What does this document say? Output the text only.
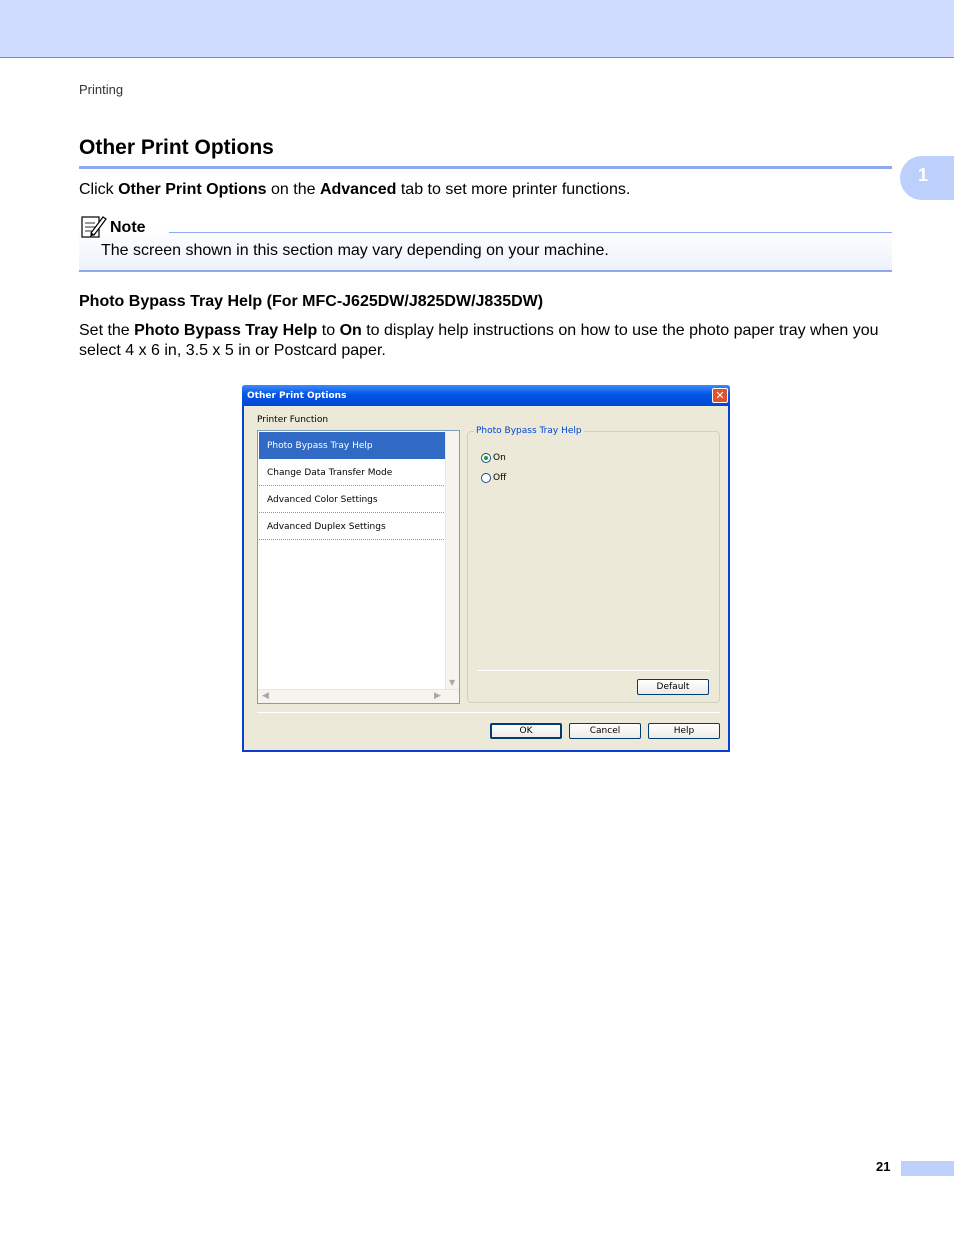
Printing
1
Other Print Options
Click Other Print Options on the Advanced tab to set more printer functions.
Note
The screen shown in this section may vary depending on your machine.
Photo Bypass Tray Help (For MFC-J625DW/J825DW/J835DW)
Set the Photo Bypass Tray Help to On to display help instructions on how to use the photo paper tray when you select 4 x 6 in, 3.5 x 5 in or Postcard paper.
Other Print Options	✕
Printer Function
Photo Bypass Tray Help
Change Data Transfer Mode
Advanced Color Settings
Advanced Duplex Settings
▼
◀	▶
Photo Bypass Tray Help
On
Off
Default
OK	Cancel	Help
21
